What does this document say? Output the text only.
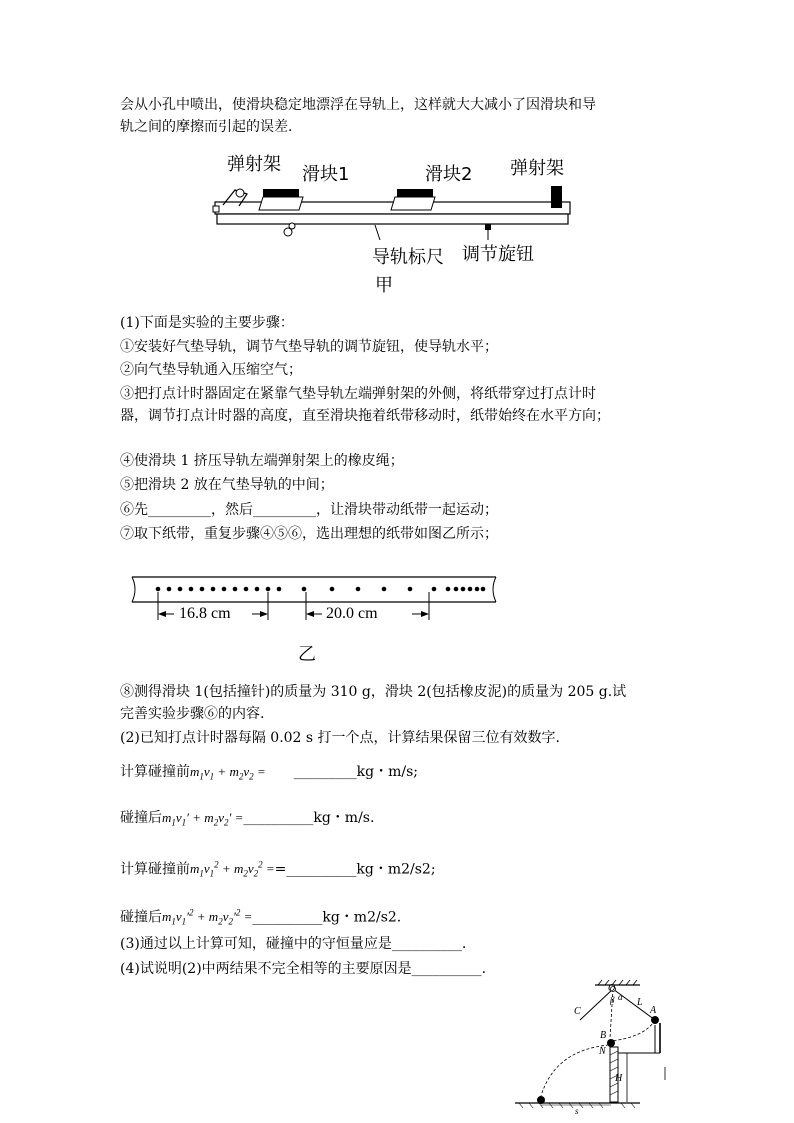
会从小孔中喷出，使滑块稳定地漂浮在导轨上，这样就大大减小了因滑块和导
轨之间的摩擦而引起的误差.
弹射架 滑块1	滑块2 弹射架
导轨标尺 调节旋钮
甲
(1)下面是实验的主要步骤：
①安装好气垫导轨，调节气垫导轨的调节旋钮，使导轨水平；
②向气垫导轨通入压缩空气；
③把打点计时器固定在紧靠气垫导轨左端弹射架的外侧，将纸带穿过打点计时
器，调节打点计时器的高度，直至滑块拖着纸带移动时，纸带始终在水平方向；
④使滑块 1 挤压导轨左端弹射架上的橡皮绳；
⑤把滑块 2 放在气垫导轨的中间；
⑥先_________，然后_________，让滑块带动纸带一起运动；
⑦取下纸带，重复步骤④⑤⑥，选出理想的纸带如图乙所示；
16.8 cm	20.0 cm
乙
⑧测得滑块 1(包括撞针)的质量为 310 g，滑块 2(包括橡皮泥)的质量为 205 g.试
完善实验步骤⑥的内容.
(2)已知打点计时器每隔 0.02 s 打一个点，计算结果保留三位有效数字.
计算碰撞前$m_1v_1 + m_2v_2$ = _________kg・m/s;
碰撞后$m_1v_1' + m_2v_2'$ =__________kg・m/s.
计算碰撞前$m_1v_1^2 + m_2v_2^2$ ==__________kg・m2/s2;
碰撞后$m_1v_1'^2 + m_2v_2'^2$ =__________kg・m2/s2.
(3)通过以上计算可知，碰撞中的守恒量应是__________.
(4)试说明(2)中两结果不完全相等的主要原因是__________.
O
β α
C
L
A
B
N
H
s
